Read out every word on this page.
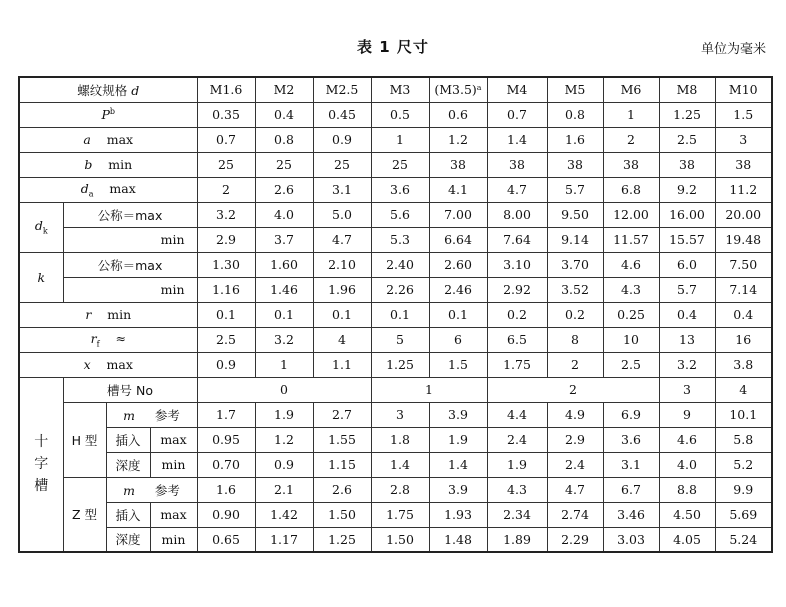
表 1 尺寸	单位为毫米
螺纹规格 d				M1.6	M2	M2.5	M3	(M3.5)ᵃ	M4	M5	M6	M8	M10
$P^b$				0.35	0.4	0.45	0.5	0.6	0.7	0.8	1	1.25	1.5
a max				0.7	0.8	0.9	1	1.2	1.4	1.6	2	2.5	3
b min				25	25	25	25	38	38	38	38	38	38
$d_a$ max				2	2.6	3.1	3.6	4.1	4.7	5.7	6.8	9.2	11.2
$d_k$	公称＝max			3.2	4.0	5.0	5.6	7.00	8.00	9.50	12.00	16.00	20.00
	min			2.9	3.7	4.7	5.3	6.64	7.64	9.14	11.57	15.57	19.48
k	公称＝max			1.30	1.60	2.10	2.40	2.60	3.10	3.70	4.6	6.0	7.50
	min			1.16	1.46	1.96	2.26	2.46	2.92	3.52	4.3	5.7	7.14
r min				0.1	0.1	0.1	0.1	0.1	0.2	0.2	0.25	0.4	0.4
$r_f$ ≈				2.5	3.2	4	5	6	6.5	8	10	13	16
x max				0.9	1	1.1	1.25	1.5	1.75	2	2.5	3.2	3.8

十
字
槽	槽号 No			0			1		2			3	4
	H 型	m 参考		1.7	1.9	2.7	3	3.9	4.4	4.9	6.9	9	10.1
		插入	max	0.95	1.2	1.55	1.8	1.9	2.4	2.9	3.6	4.6	5.8
		深度	min	0.70	0.9	1.15	1.4	1.4	1.9	2.4	3.1	4.0	5.2
	Z 型	m 参考		1.6	2.1	2.6	2.8	3.9	4.3	4.7	6.7	8.8	9.9
		插入	max	0.90	1.42	1.50	1.75	1.93	2.34	2.74	3.46	4.50	5.69
		深度	min	0.65	1.17	1.25	1.50	1.48	1.89	2.29	3.03	4.05	5.24
